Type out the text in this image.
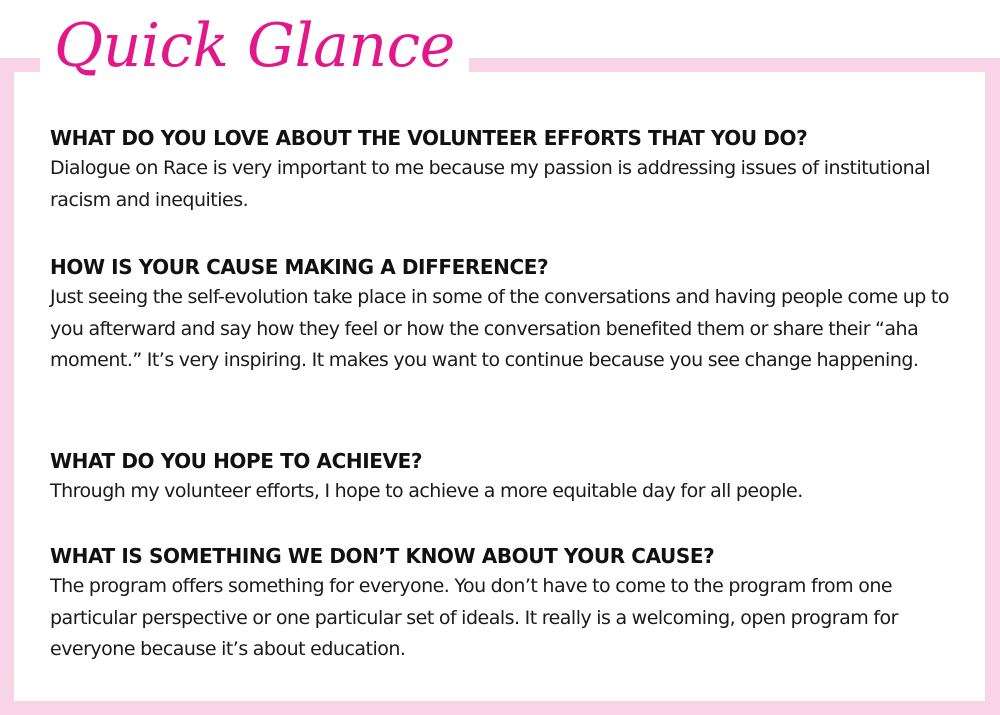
Quick Glance

WHAT DO YOU LOVE ABOUT THE VOLUNTEER EFFORTS THAT YOU DO?

Dialogue on Race is very important to me because my passion is addressing issues of institutional racism and inequities.

HOW IS YOUR CAUSE MAKING A DIFFERENCE?

Just seeing the self-evolution take place in some of the conversations and having people come up to you afterward and say how they feel or how the conversation benefited them or share their “aha moment.” It’s very inspiring. It makes you want to continue because you see change happening.

WHAT DO YOU HOPE TO ACHIEVE?

Through my volunteer efforts, I hope to achieve a more equitable day for all people.

WHAT IS SOMETHING WE DON’T KNOW ABOUT YOUR CAUSE?

The program offers something for everyone. You don’t have to come to the program from one particular perspective or one particular set of ideals. It really is a welcoming, open program for everyone because it’s about education.
